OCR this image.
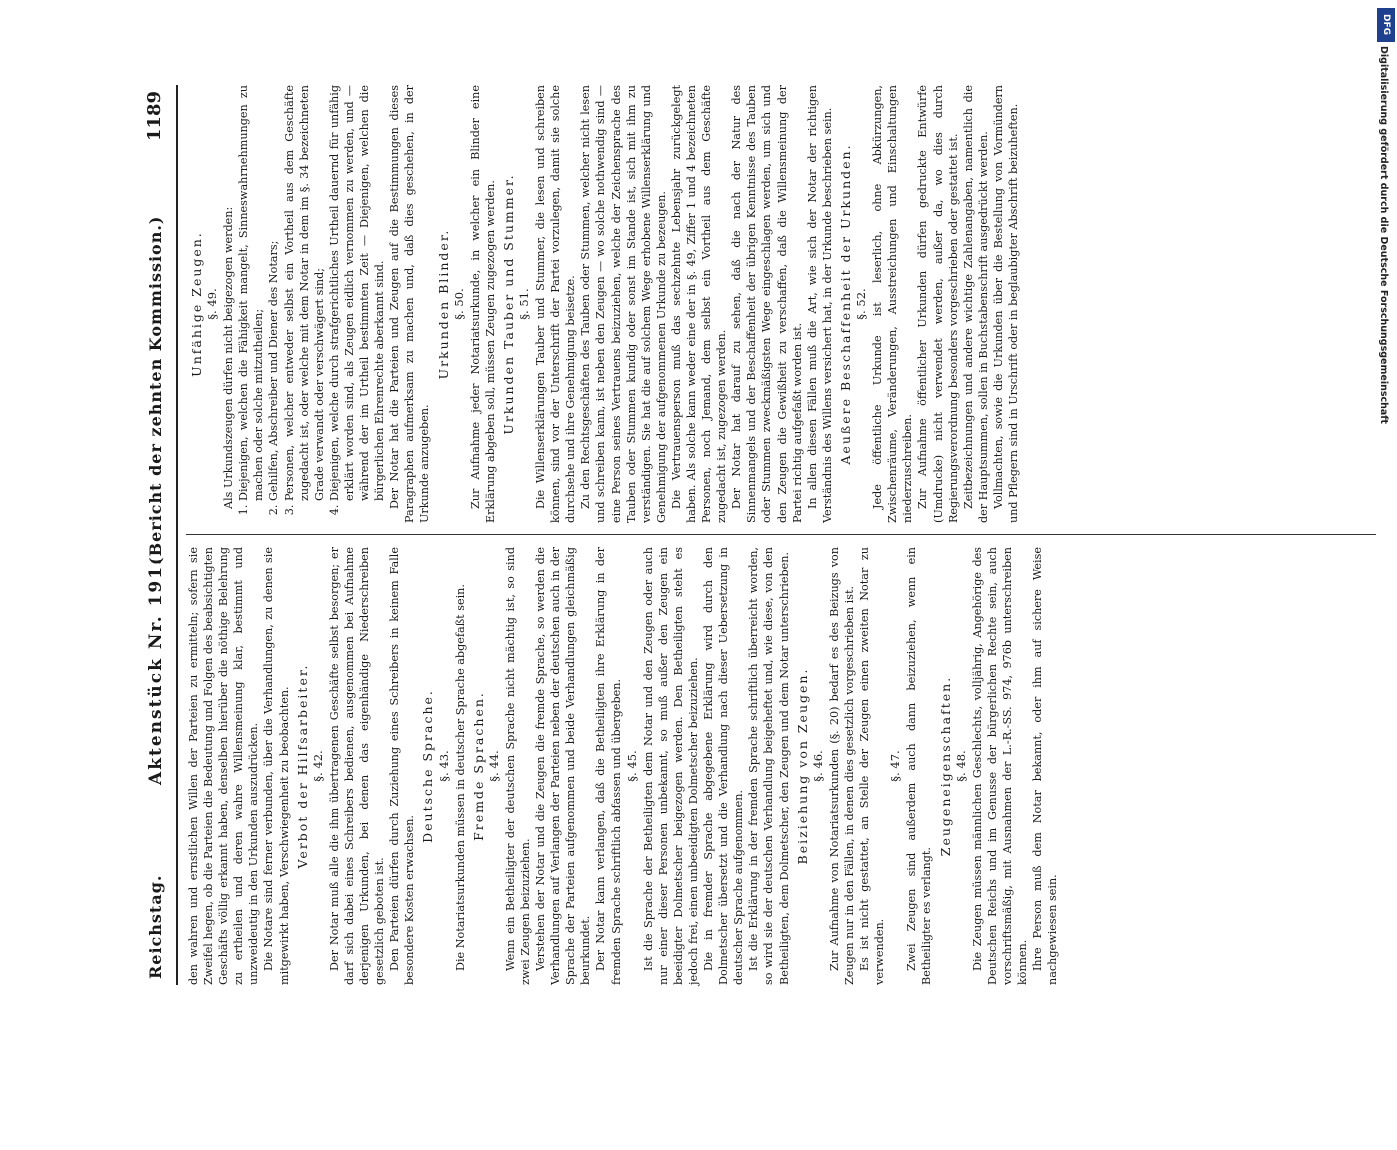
Reichstag.
Aktenstück Nr. 191.
(Bericht der zehnten Kommission.)
1189

den wahren und ernstlichen Willen der Parteien zu ermitteln; sofern sie Zweifel hegen, ob die Parteien die Bedeutung und Folgen des beabsichtigten Geschäfts völlig erkannt haben, denselben hierüber die nöthige Belehrung zu ertheilen und deren wahre Willensmeinung klar, bestimmt und unzweideutig in den Urkunden auszudrücken. Die Notare sind ferner verbunden, über die Verhandlungen, zu denen sie mitgewirkt haben, Verschwiegenheit zu beobachten. Verbot der Hilfsarbeiter. §. 42. Der Notar muß alle die ihm übertragenen Geschäfte selbst besorgen; er darf sich dabei eines Schreibers bedienen, ausgenommen bei Aufnahme derjenigen Urkunden, bei denen das eigenhändige Niederschreiben gesetzlich geboten ist. Den Parteien dürfen durch Zuziehung eines Schreibers in keinem Falle besondere Kosten erwachsen.

Deutsche Sprache. §. 43. Die Notariatsurkunden müssen in deutscher Sprache abgefaßt sein. Fremde Sprachen. §. 44. Wenn ein Betheiligter der deutschen Sprache nicht mächtig ist, so sind zwei Zeugen beizuziehen. Verstehen der Notar und die Zeugen die fremde Sprache, so werden die Verhandlungen auf Verlangen der Parteien neben der deutschen auch in der Sprache der Parteien aufgenommen und beide Verhandlungen gleichmäßig beurkundet. Der Notar kann verlangen, daß die Betheiligten ihre Erklärung in der fremden Sprache schriftlich abfassen und übergeben. §. 45. Ist die Sprache der Betheiligten dem Notar und den Zeugen oder auch nur einer dieser Personen unbekannt, so muß außer den Zeugen ein beeidigter Dolmetscher beigezogen werden. Den Betheiligten steht es jedoch frei, einen unbeeidigten Dolmetscher beizuziehen. Die in fremder Sprache abgegebene Erklärung wird durch den Dolmetscher übersetzt und die Verhandlung nach dieser Uebersetzung in deutscher Sprache aufgenommen. Ist die Erklärung in der fremden Sprache schriftlich überreicht worden, so wird sie der deutschen Verhandlung beigeheftet und, wie diese, von den Betheiligten, dem Dolmetscher, den Zeugen und dem Notar unterschrieben. Beiziehung von Zeugen. §. 46. Zur Aufnahme von Notariatsurkunden (§. 20) bedarf es des Beizugs von Zeugen nur in den Fällen, in denen dies gesetzlich vorgeschrieben ist. Es ist nicht gestattet, an Stelle der Zeugen einen zweiten Notar zu verwenden.

§. 47. Zwei Zeugen sind außerdem auch dann beizuziehen, wenn ein Betheiligter es verlangt.

Zeugeneigenschaften. §. 48. Die Zeugen müssen männlichen Geschlechts, volljährig, Angehörige des Deutschen Reichs und im Genusse der bürgerlichen Rechte sein, auch vorschriftsmäßig, mit Ausnahmen der L.-R.-SS. 974, 976b unterschreiben können. Ihre Person muß dem Notar bekannt, oder ihm auf sichere Weise nachgewiesen sein.

Unfähige Zeugen. §. 49. Als Urkundszeugen dürfen nicht beigezogen werden: 1. Diejenigen, welchen die Fähigkeit mangelt, Sinneswahrnehmungen zu machen oder solche mitzutheilen; 2. Gehilfen, Abschreiber und Diener des Notars; 3. Personen, welcher entweder selbst ein Vortheil aus dem Geschäfte zugedacht ist, oder welche mit dem Notar in dem im §. 34 bezeichneten Grade verwandt oder verschwägert sind; 4. Diejenigen, welche durch strafgerichtliches Urtheil dauernd für unfähig erklärt worden sind, als Zeugen eidlich vernommen zu werden, und — während der im Urtheil bestimmten Zeit — Diejenigen, welchen die bürgerlichen Ehrenrechte aberkannt sind. Der Notar hat die Parteien und Zeugen auf die Bestimmungen dieses Paragraphen aufmerksam zu machen und, daß dies geschehen, in der Urkunde anzugeben.

Urkunden Blinder. §. 50. Zur Aufnahme jeder Notariatsurkunde, in welcher ein Blinder eine Erklärung abgeben soll, müssen Zeugen zugezogen werden. Urkunden Tauber und Stummer. §. 51. Die Willenserklärungen Tauber und Stummer, die lesen und schreiben können, sind vor der Unterschrift der Partei vorzulegen, damit sie solche durchsehe und ihre Genehmigung beisetze. Zu den Rechtsgeschäften des Tauben oder Stummen, welcher nicht lesen und schreiben kann, ist neben den Zeugen — wo solche nothwendig sind — eine Person seines Vertrauens beizuziehen, welche der Zeichensprache des Tauben oder Stummen kundig oder sonst im Stande ist, sich mit ihm zu verständigen. Sie hat die auf solchem Wege erhobene Willenserklärung und Genehmigung der aufgenommenen Urkunde zu bezeugen. Die Vertrauensperson muß das sechzehnte Lebensjahr zurückgelegt haben. Als solche kann weder eine der in §. 49, Ziffer 1 und 4 bezeichneten Personen, noch Jemand, dem selbst ein Vortheil aus dem Geschäfte zugedacht ist, zugezogen werden. Der Notar hat darauf zu sehen, daß die nach der Natur des Sinnenmangels und der Beschaffenheit der übrigen Kenntnisse des Tauben oder Stummen zweckmäßigsten Wege eingeschlagen werden, um sich und den Zeugen die Gewißheit zu verschaffen, daß die Willensmeinung der Partei richtig aufgefaßt worden ist. In allen diesen Fällen muß die Art, wie sich der Notar der richtigen Verständnis des Willens versichert hat, in der Urkunde beschrieben sein. Aeußere Beschaffenheit der Urkunden. §. 52. Jede öffentliche Urkunde ist leserlich, ohne Abkürzungen, Zwischenräume, Veränderungen, Ausstreichungen und Einschaltungen niederzuschreiben. Zur Aufnahme öffentlicher Urkunden dürfen gedruckte Entwürfe (Umdrucke) nicht verwendet werden, außer da, wo dies durch Regierungsverordnung besonders vorgeschrieben oder gestattet ist. Zeitbezeichnungen und andere wichtige Zahlenangaben, namentlich die der Hauptsummen, sollen in Buchstabenschrift ausgedrückt werden. Vollmachten, sowie die Urkunden über die Bestellung von Vormündern und Pflegern sind in Urschrift oder in beglaubigter Abschrift beizuheften.

DFG
Digitalisierung gefördert durch die Deutsche Forschungsgemeinschaft
